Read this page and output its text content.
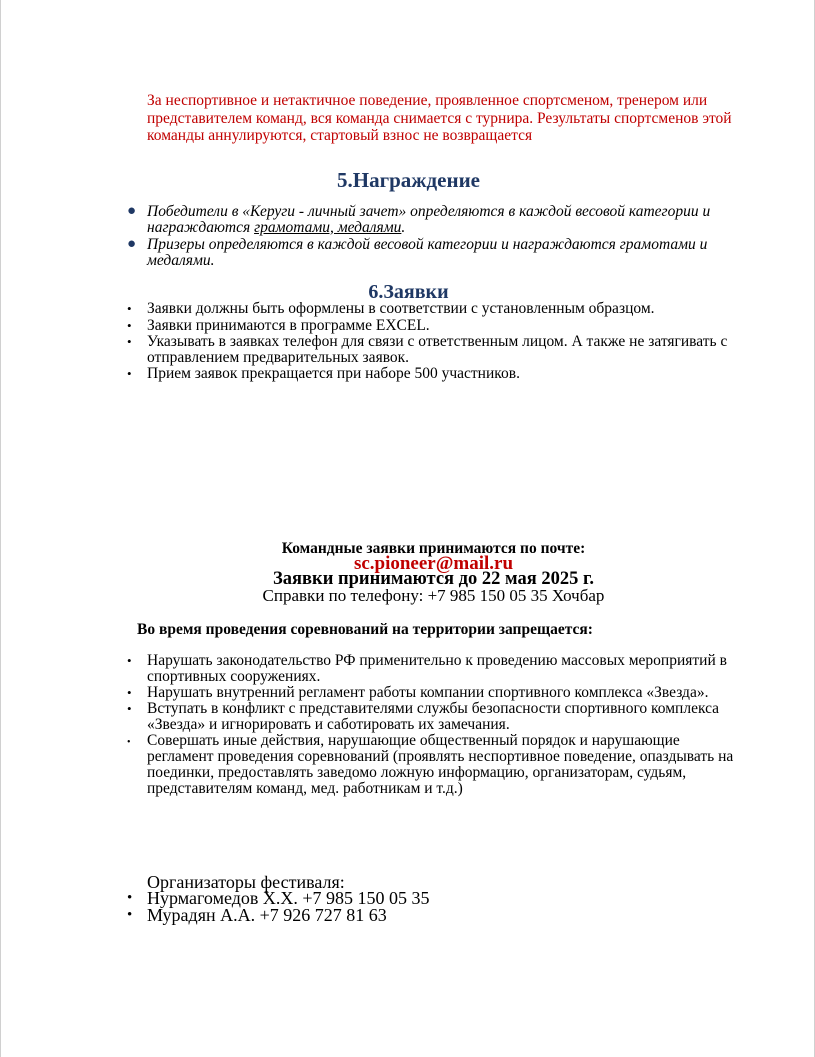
За неспортивное и нетактичное поведение, проявленное спортсменом, тренером или представителем команд, вся команда снимается с турнира. Результаты спортсменов этой команды аннулируются, стартовый взнос не возвращается

5.Награждение
● Победители в «Керуги - личный зачет» определяются в каждой весовой категории и награждаются грамотами, медалями.
● Призеры определяются в каждой весовой категории и награждаются грамотами и медалями.
6.Заявки
• Заявки должны быть оформлены в соответствии с установленным образцом.
• Заявки принимаются в программе EXCEL.
• Указывать в заявках телефон для связи с ответственным лицом. А также не затягивать с отправлением предварительных заявок.
• Прием заявок прекращается при наборе 500 участников.

Командные заявки принимаются по почте:

sc.pioneer@mail.ru

Заявки принимаются до 22 мая 2025 г.

Справки по телефону: +7 985 150 05 35 Хочбар

Во время проведения соревнований на территории запрещается:

• Нарушать законодательство РФ применительно к проведению массовых мероприятий в спортивных сооружениях.
• Нарушать внутренний регламент работы компании спортивного комплекса «Звезда».
• Вступать в конфликт с представителями службы безопасности спортивного комплекса «Звезда» и игнорировать и саботировать их замечания.
• Совершать иные действия, нарушающие общественный порядок и нарушающие регламент проведения соревнований (проявлять неспортивное поведение, опаздывать на поединки, предоставлять заведомо ложную информацию, организаторам, судьям, представителям команд, мед. работникам и т.д.)

Организаторы фестиваля:

• Нурмагомедов Х.Х. +7 985 150 05 35
• Мурадян А.А. +7 926 727 81 63
